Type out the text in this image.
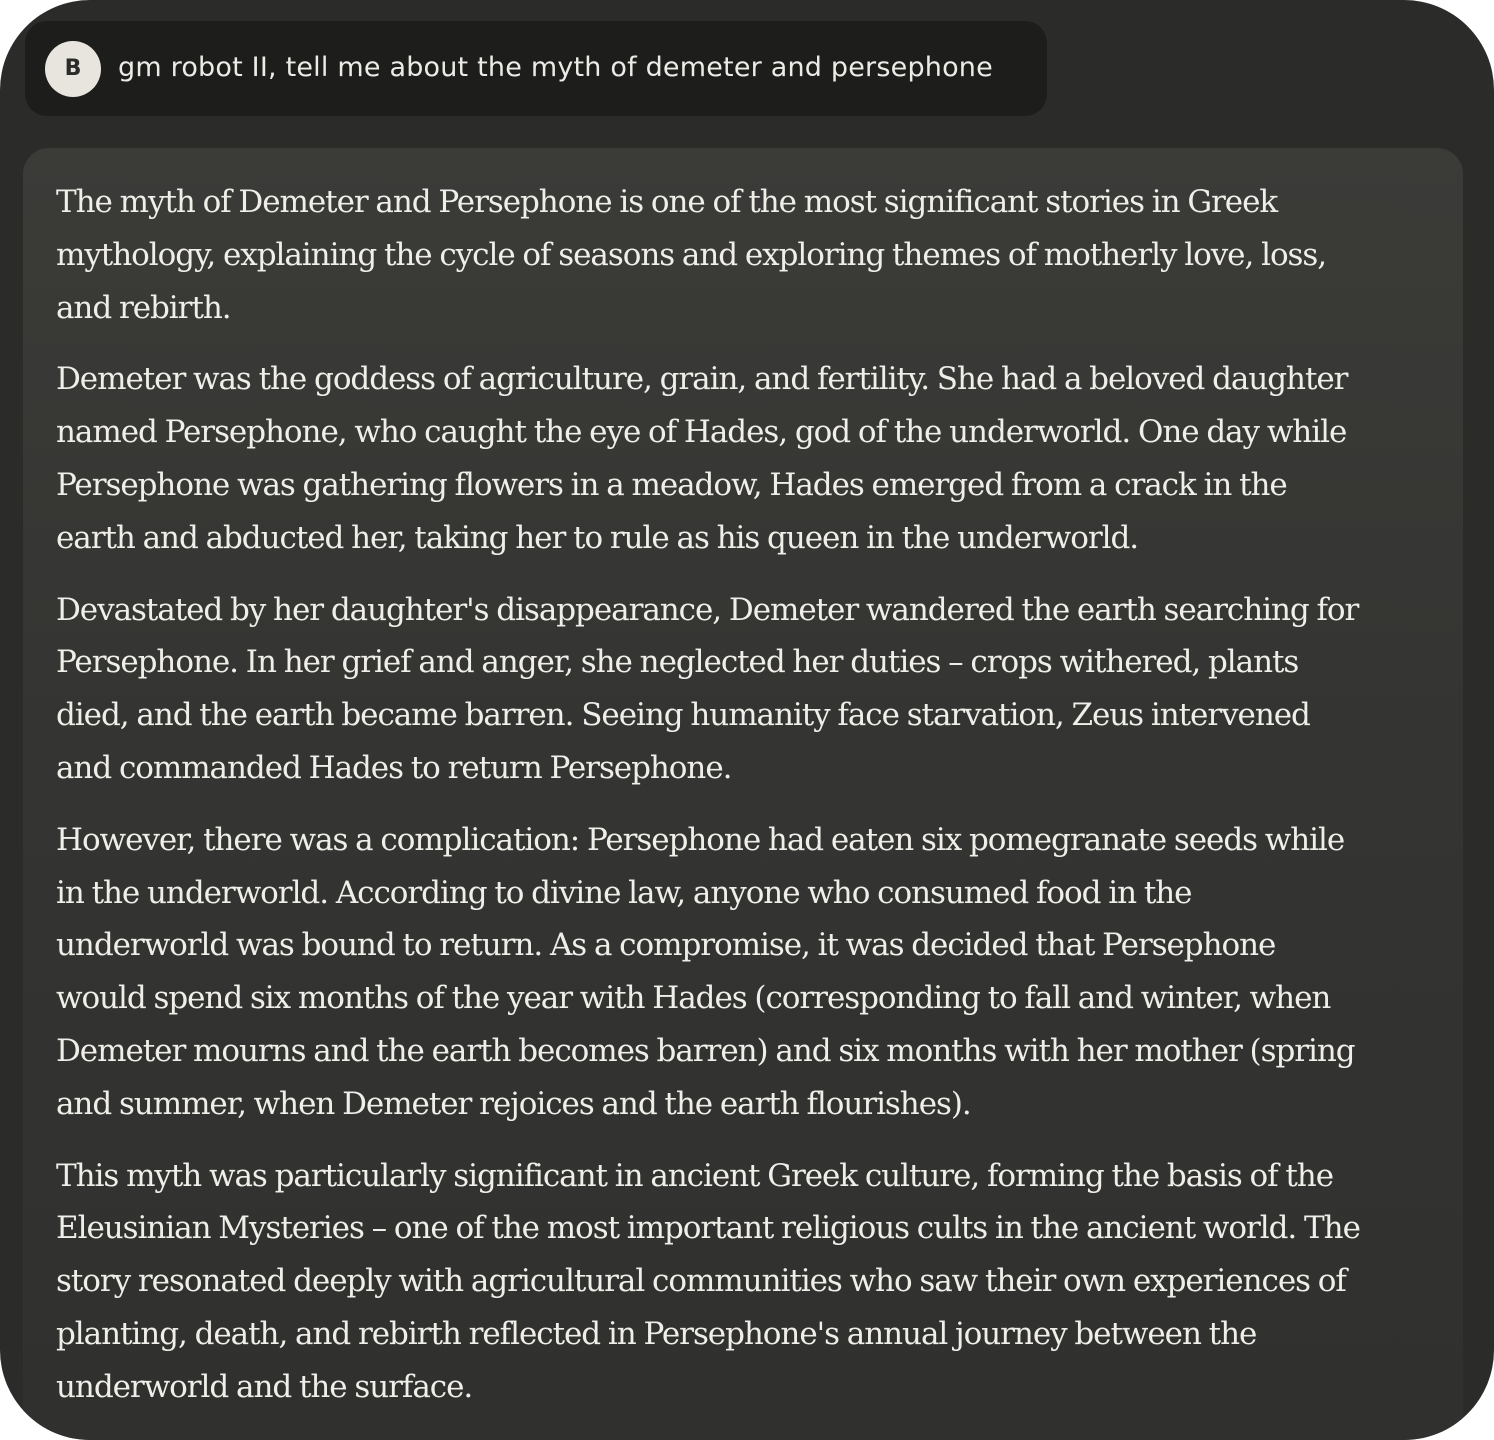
B	gm robot II, tell me about the myth of demeter and persephone

The myth of Demeter and Persephone is one of the most significant stories in Greek mythology, explaining the cycle of seasons and exploring themes of motherly love, loss, and rebirth.

Demeter was the goddess of agriculture, grain, and fertility. She had a beloved daughter named Persephone, who caught the eye of Hades, god of the underworld. One day while Persephone was gathering flowers in a meadow, Hades emerged from a crack in the earth and abducted her, taking her to rule as his queen in the underworld.

Devastated by her daughter's disappearance, Demeter wandered the earth searching for Persephone. In her grief and anger, she neglected her duties – crops withered, plants died, and the earth became barren. Seeing humanity face starvation, Zeus intervened and commanded Hades to return Persephone.

However, there was a complication: Persephone had eaten six pomegranate seeds while in the underworld. According to divine law, anyone who consumed food in the underworld was bound to return. As a compromise, it was decided that Persephone would spend six months of the year with Hades (corresponding to fall and winter, when Demeter mourns and the earth becomes barren) and six months with her mother (spring and summer, when Demeter rejoices and the earth flourishes).

This myth was particularly significant in ancient Greek culture, forming the basis of the Eleusinian Mysteries – one of the most important religious cults in the ancient world. The story resonated deeply with agricultural communities who saw their own experiences of planting, death, and rebirth reflected in Persephone's annual journey between the underworld and the surface.
